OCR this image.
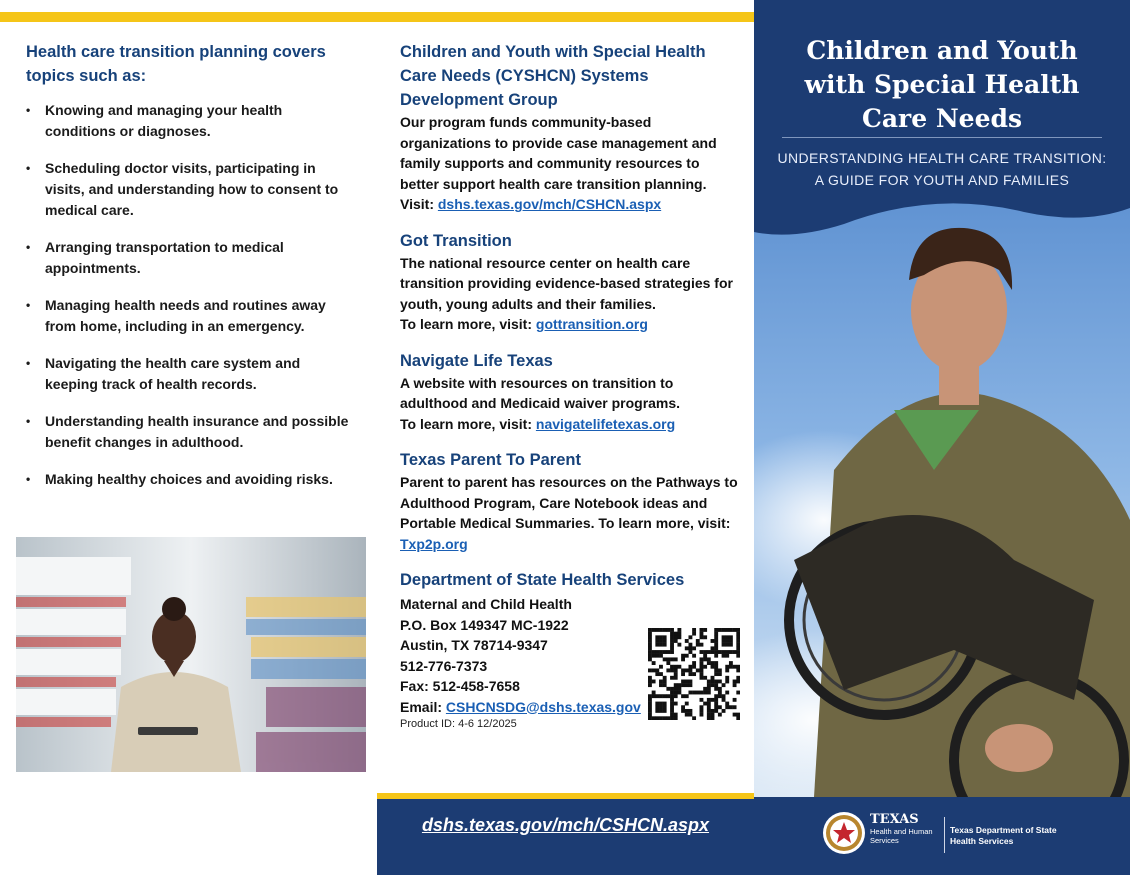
Health care transition planning covers topics such as:
• Knowing and managing your health conditions or diagnoses.
• Scheduling doctor visits, participating in visits, and understanding how to consent to medical care.
• Arranging transportation to medical appointments.
• Managing health needs and routines away from home, including in an emergency.
• Navigating the health care system and keeping track of health records.
• Understanding health insurance and possible benefit changes in adulthood.
• Making healthy choices and avoiding risks.
Children and Youth with Special Health Care Needs (CYSHCN) Systems Development Group

Our program funds community-based organizations to provide case management and family supports and community resources to better support health care transition planning. Visit: dshs.texas.gov/mch/CSHCN.aspx

Got Transition

The national resource center on health care transition providing evidence-based strategies for youth, young adults and their families.
To learn more, visit: gottransition.org

Navigate Life Texas

A website with resources on transition to adulthood and Medicaid waiver programs.
To learn more, visit: navigatelifetexas.org

Texas Parent To Parent

Parent to parent has resources on the Pathways to Adulthood Program, Care Notebook ideas and Portable Medical Summaries. To learn more, visit: Txp2p.org

Department of State Health Services
Maternal and Child Health
P.O. Box 149347 MC-1922
Austin, TX 78714-9347
512-776-7373
Fax: 512-458-7658
Email: CSHCNSDG@dshs.texas.gov
Product ID: 4-6 12/2025
dshs.texas.gov/mch/CSHCN.aspx
Children and Youth
with Special Health
Care Needs
UNDERSTANDING HEALTH CARE TRANSITION:
A GUIDE FOR YOUTH AND FAMILIES
TEXAS
Health and Human
Services
Texas Department of State
Health Services
